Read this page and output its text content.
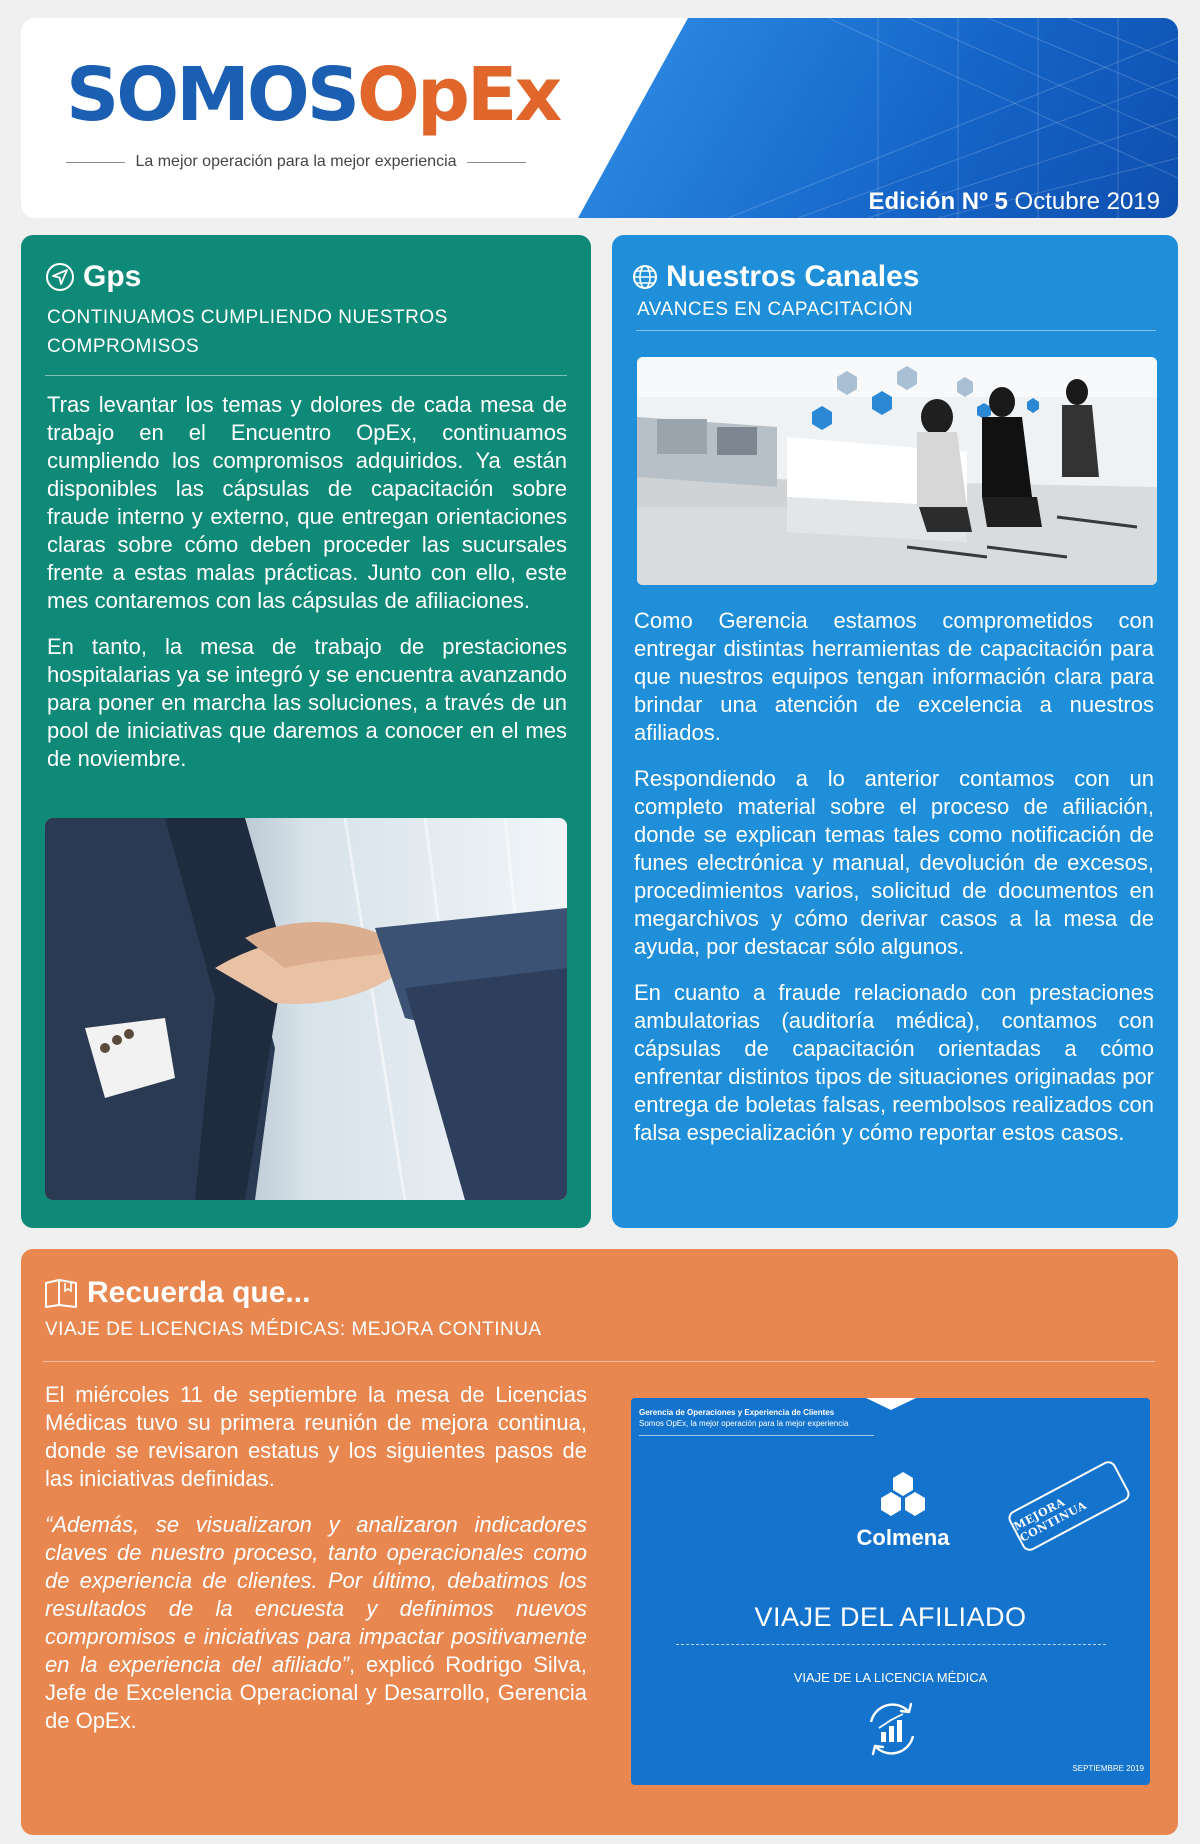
SOMOSOpEx
La mejor operación para la mejor experiencia
Edición Nº 5 Octubre 2019
Gps
CONTINUAMOS CUMPLIENDO NUESTROS COMPROMISOS

Tras levantar los temas y dolores de cada mesa de trabajo en el Encuentro OpEx, continuamos cumpliendo los compromisos adquiridos. Ya están disponibles las cápsulas de capacitación sobre fraude interno y externo, que entregan orientaciones claras sobre cómo deben proceder las sucursales frente a estas malas prácticas. Junto con ello, este mes contaremos con las cápsulas de afiliaciones.

En tanto, la mesa de trabajo de prestaciones hospitalarias ya se integró y se encuentra avanzando para poner en marcha las soluciones, a través de un pool de iniciativas que daremos a conocer en el mes de noviembre.

Nuestros Canales
AVANCES EN CAPACITACIÓN

Como Gerencia estamos comprometidos con entregar distintas herramientas de capacitación para que nuestros equipos tengan información clara para brindar una atención de excelencia a nuestros afiliados.

Respondiendo a lo anterior contamos con un completo material sobre el proceso de afiliación, donde se explican temas tales como notificación de funes electrónica y manual, devolución de excesos, procedimientos varios, solicitud de documentos en megarchivos y cómo derivar casos a la mesa de ayuda, por destacar sólo algunos.

En cuanto a fraude relacionado con prestaciones ambulatorias (auditoría médica), contamos con cápsulas de capacitación orientadas a cómo enfrentar distintos tipos de situaciones originadas por entrega de boletas falsas, reembolsos realizados con falsa especialización y cómo reportar estos casos.

Recuerda que...
VIAJE DE LICENCIAS MÉDICAS: MEJORA CONTINUA

El miércoles 11 de septiembre la mesa de Licencias Médicas tuvo su primera reunión de mejora continua, donde se revisaron estatus y los siguientes pasos de las iniciativas definidas.

“Además, se visualizaron y analizaron indicadores claves de nuestro proceso, tanto operacionales como de experiencia de clientes. Por último, debatimos los resultados de la encuesta y definimos nuevos compromisos e iniciativas para impactar positivamente en la experiencia del afiliado”, explicó Rodrigo Silva, Jefe de Excelencia Operacional y Desarrollo, Gerencia de OpEx.

Gerencia de Operaciones y Experiencia de Clientes
Somos OpEx, la mejor operación para la mejor experiencia
Colmena
MEJORA CONTINUA
VIAJE DEL AFILIADO
VIAJE DE LA LICENCIA MÉDICA
SEPTIEMBRE 2019
